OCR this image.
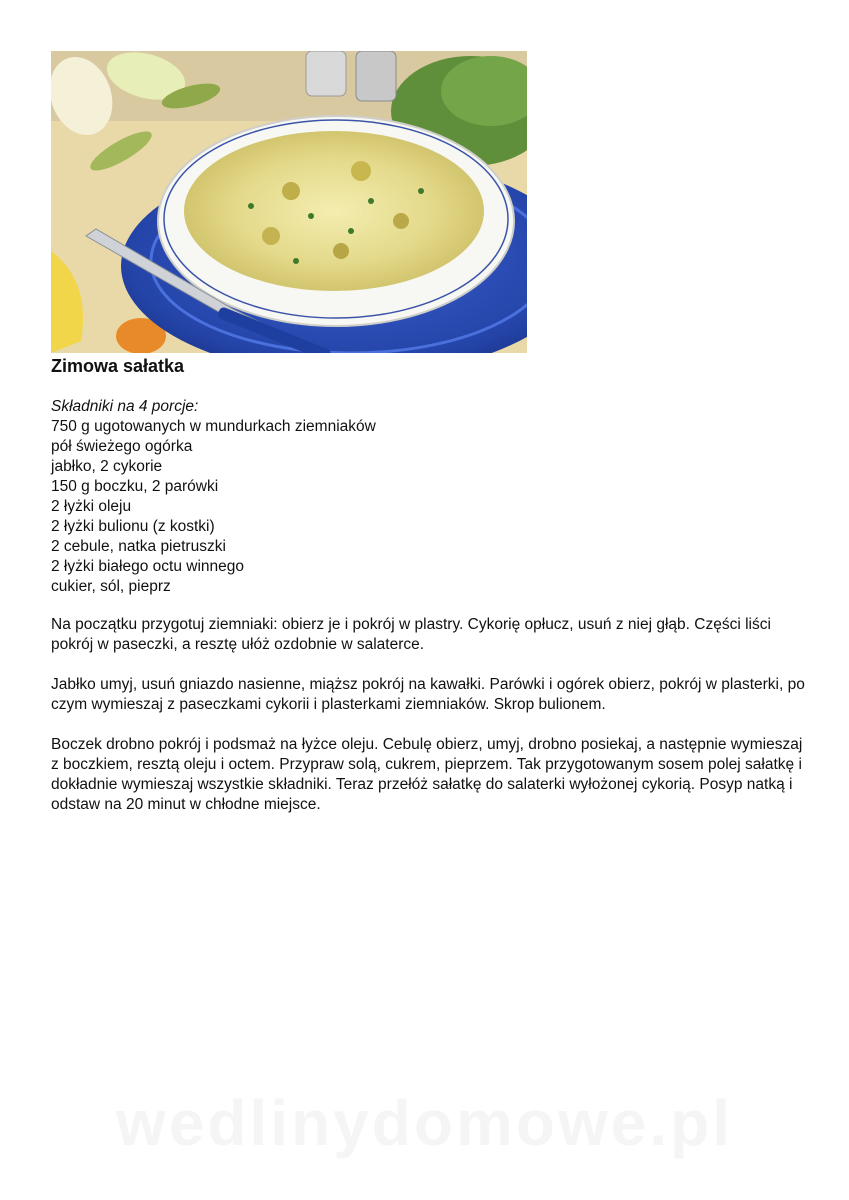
Zimowa sałatka
Składniki na 4 porcje:
750 g ugotowanych w mundurkach ziemniaków
pół świeżego ogórka
jabłko, 2 cykorie
150 g boczku, 2 parówki
2 łyżki oleju
2 łyżki bulionu (z kostki)
2 cebule, natka pietruszki
2 łyżki białego octu winnego
cukier, sól, pieprz

Na początku przygotuj ziemniaki: obierz je i pokrój w plastry. Cykorię opłucz, usuń z niej głąb. Części liści pokrój w paseczki, a resztę ułóż ozdobnie w salaterce.

Jabłko umyj, usuń gniazdo nasienne, miąższ pokrój na kawałki. Parówki i ogórek obierz, pokrój w plasterki, po czym wymieszaj z paseczkami cykorii i plasterkami ziemniaków. Skrop bulionem.

Boczek drobno pokrój i podsmaż na łyżce oleju. Cebulę obierz, umyj, drobno posiekaj, a następnie wymieszaj z boczkiem, resztą oleju i octem. Przypraw solą, cukrem, pieprzem. Tak przygotowanym sosem polej sałatkę i dokładnie wymieszaj wszystkie składniki. Teraz przełóż sałatkę do salaterki wyłożonej cykorią. Posyp natką i odstaw na 20 minut w chłodne miejsce.

wedlinydomowe.pl
